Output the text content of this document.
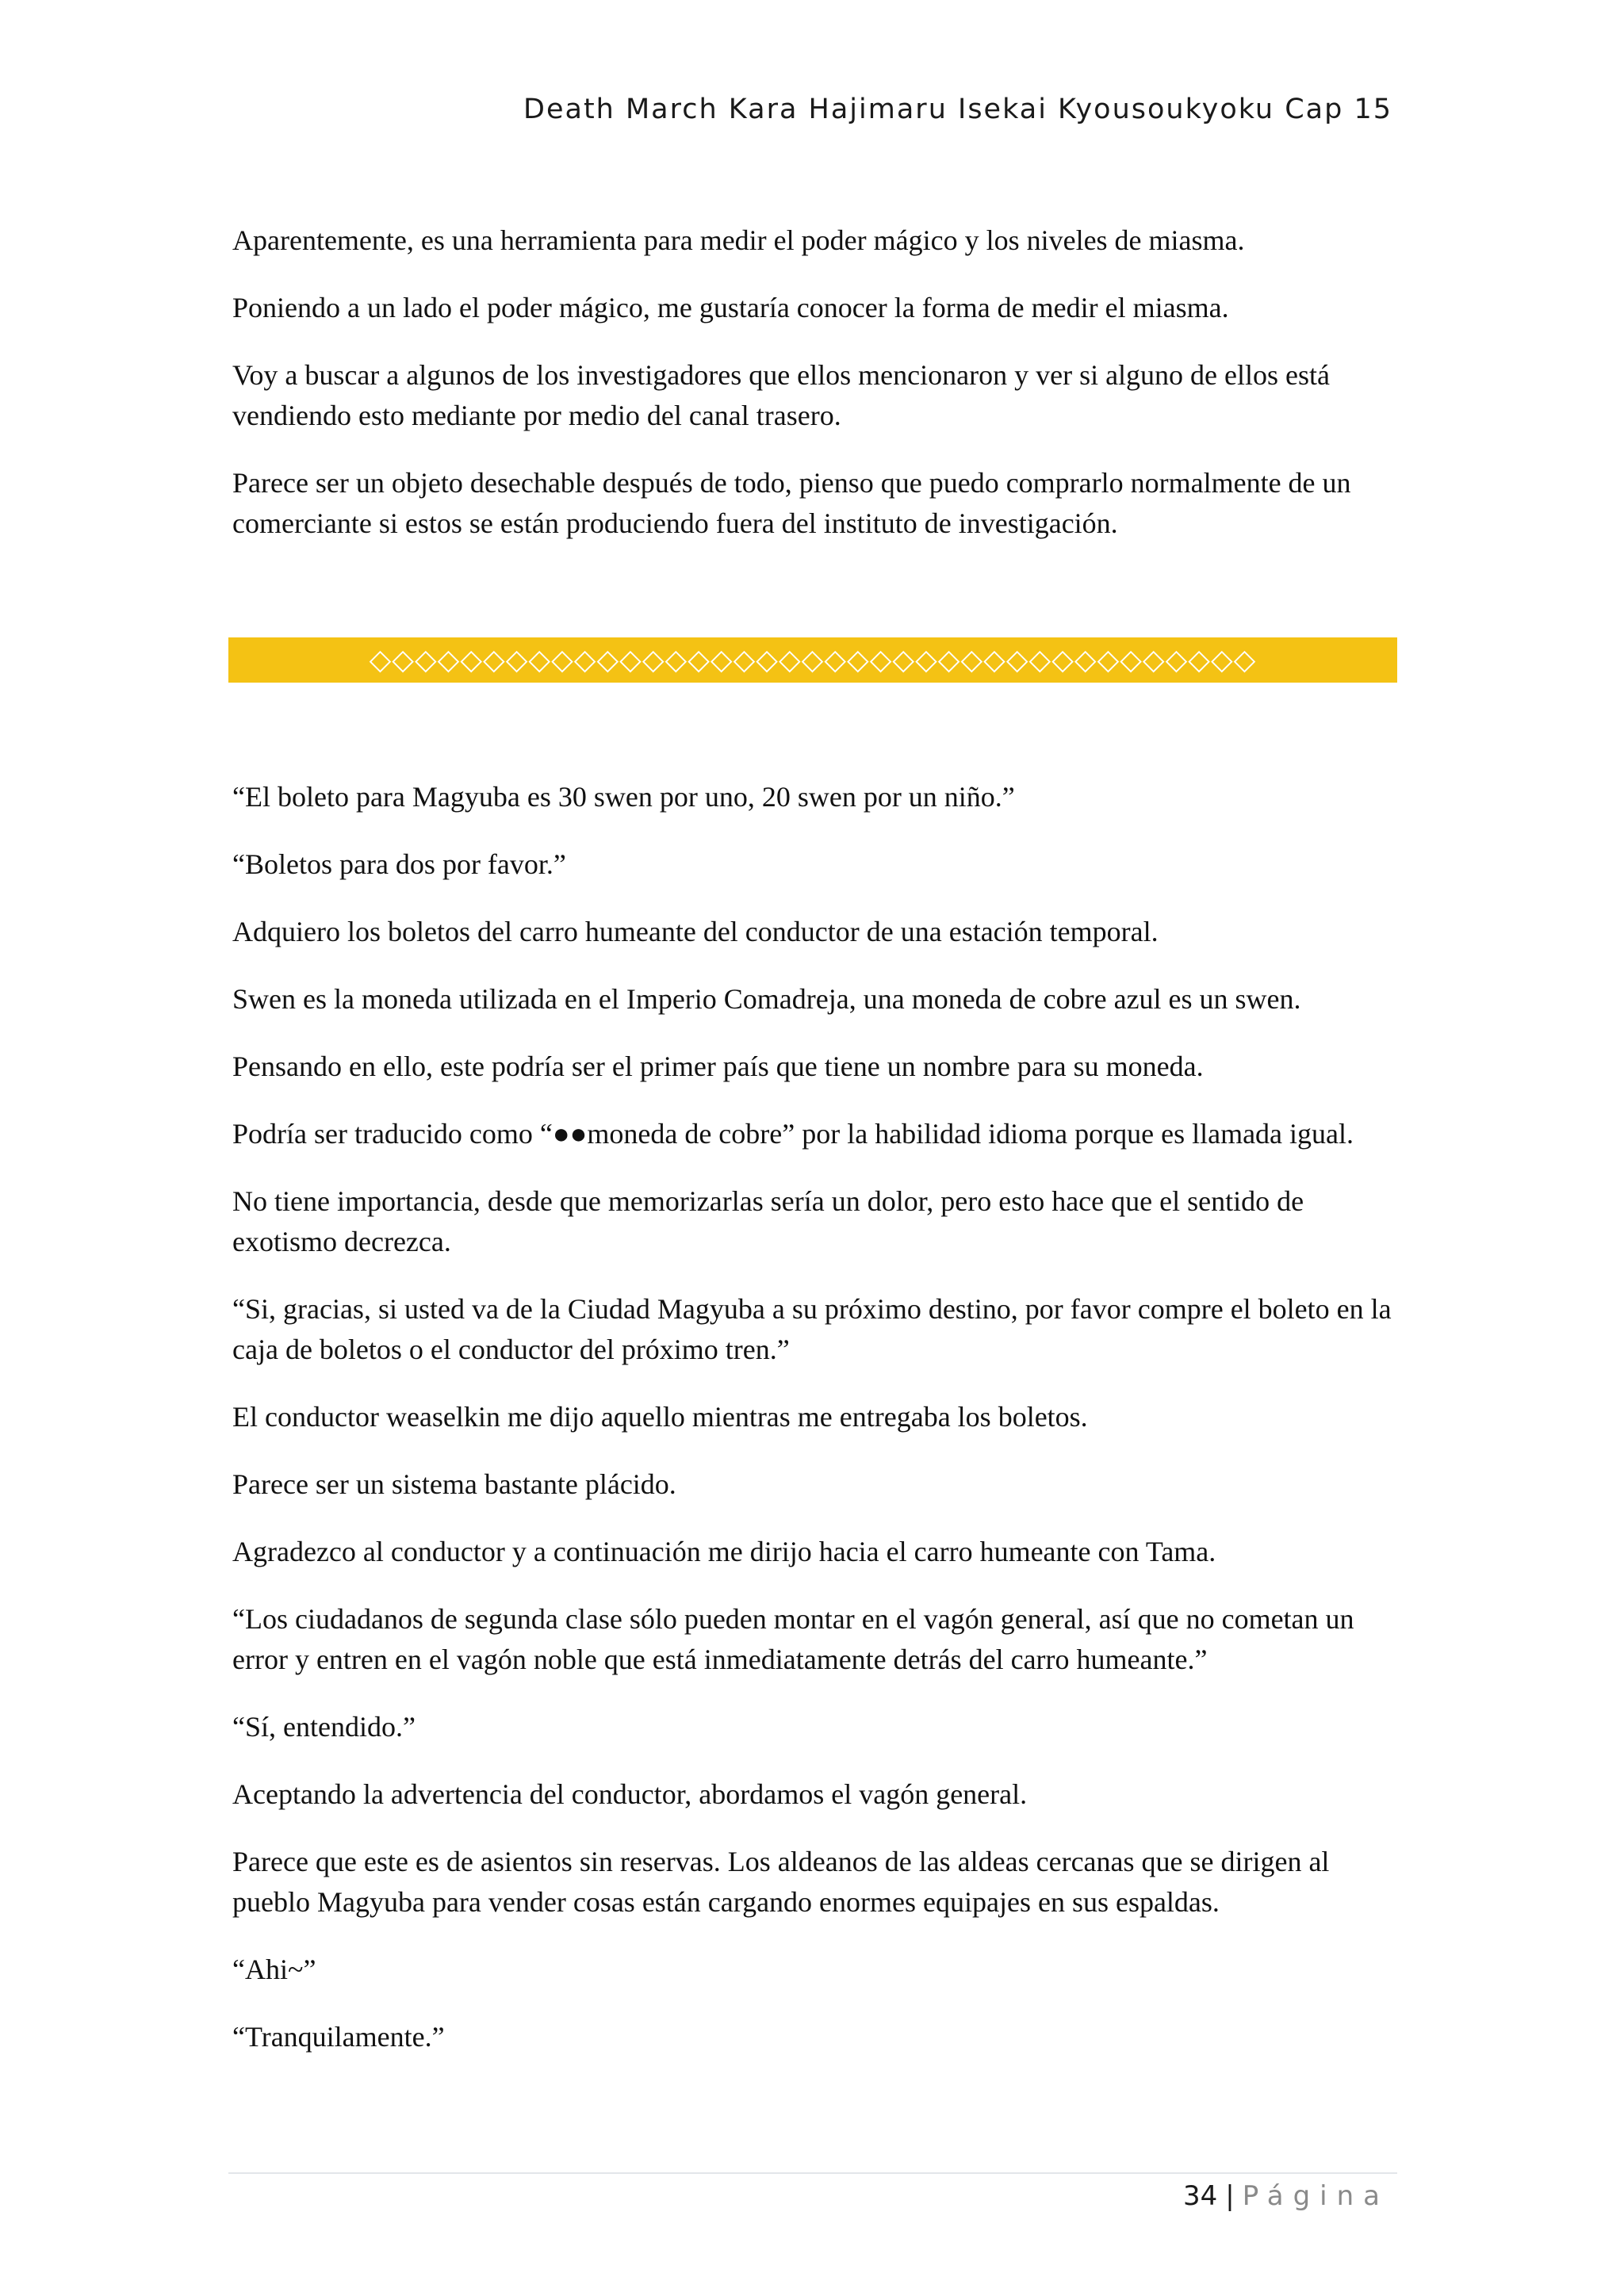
Death March Kara Hajimaru Isekai Kyousoukyoku Cap 15

Aparentemente, es una herramienta para medir el poder mágico y los niveles de miasma.

Poniendo a un lado el poder mágico, me gustaría conocer la forma de medir el miasma.

Voy a buscar a algunos de los investigadores que ellos mencionaron y ver si alguno de ellos está vendiendo esto mediante por medio del canal trasero.

Parece ser un objeto desechable después de todo, pienso que puedo comprarlo normalmente de un comerciante si estos se están produciendo fuera del instituto de investigación.

◇◇◇◇◇◇◇◇◇◇◇◇◇◇◇◇◇◇◇◇◇◇◇◇◇◇◇◇◇◇◇◇◇◇◇◇◇◇◇

“El boleto para Magyuba es 30 swen por uno, 20 swen por un niño.”

“Boletos para dos por favor.”

Adquiero los boletos del carro humeante del conductor de una estación temporal.

Swen es la moneda utilizada en el Imperio Comadreja, una moneda de cobre azul es un swen.

Pensando en ello, este podría ser el primer país que tiene un nombre para su moneda.

Podría ser traducido como “●●moneda de cobre” por la habilidad idioma porque es llamada igual.

No tiene importancia, desde que memorizarlas sería un dolor, pero esto hace que el sentido de exotismo decrezca.

“Si, gracias, si usted va de la Ciudad Magyuba a su próximo destino, por favor compre el boleto en la caja de boletos o el conductor del próximo tren.”

El conductor weaselkin me dijo aquello mientras me entregaba los boletos.

Parece ser un sistema bastante plácido.

Agradezco al conductor y a continuación me dirijo hacia el carro humeante con Tama.

“Los ciudadanos de segunda clase sólo pueden montar en el vagón general, así que no cometan un error y entren en el vagón noble que está inmediatamente detrás del carro humeante.”

“Sí, entendido.”

Aceptando la advertencia del conductor, abordamos el vagón general.

Parece que este es de asientos sin reservas. Los aldeanos de las aldeas cercanas que se dirigen al pueblo Magyuba para vender cosas están cargando enormes equipajes en sus espaldas.

“Ahi~”

“Tranquilamente.”

34 | Página
